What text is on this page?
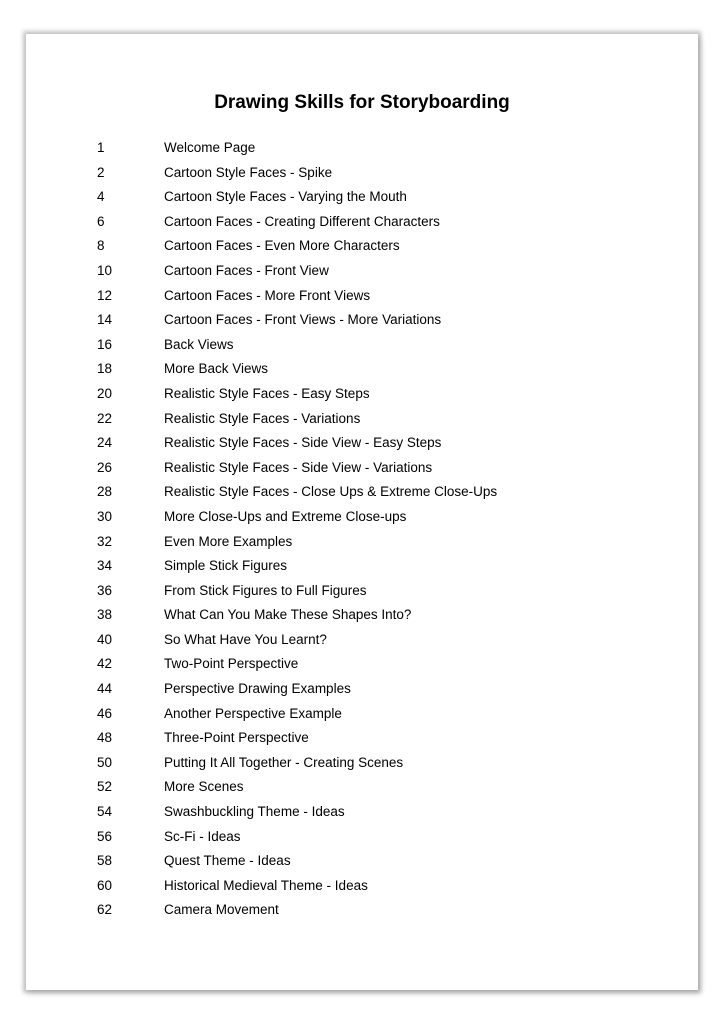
Drawing Skills for Storyboarding
1	Welcome Page
2	Cartoon Style Faces - Spike
4	Cartoon Style Faces - Varying the Mouth
6	Cartoon Faces - Creating Different Characters
8	Cartoon Faces - Even More Characters
10	Cartoon Faces - Front View
12	Cartoon Faces - More Front Views
14	Cartoon Faces - Front Views - More Variations
16	Back Views
18	More Back Views
20	Realistic Style Faces - Easy Steps
22	Realistic Style Faces - Variations
24	Realistic Style Faces - Side View - Easy Steps
26	Realistic Style Faces - Side View - Variations
28	Realistic Style Faces - Close Ups & Extreme Close-Ups
30	More Close-Ups and Extreme Close-ups
32	Even More Examples
34	Simple Stick Figures
36	From Stick Figures to Full Figures
38	What Can You Make These Shapes Into?
40	So What Have You Learnt?
42	Two-Point Perspective
44	Perspective Drawing Examples
46	Another Perspective Example
48	Three-Point Perspective
50	Putting It All Together - Creating Scenes
52	More Scenes
54	Swashbuckling Theme - Ideas
56	Sc-Fi - Ideas
58	Quest Theme - Ideas
60	Historical Medieval Theme - Ideas
62	Camera Movement
